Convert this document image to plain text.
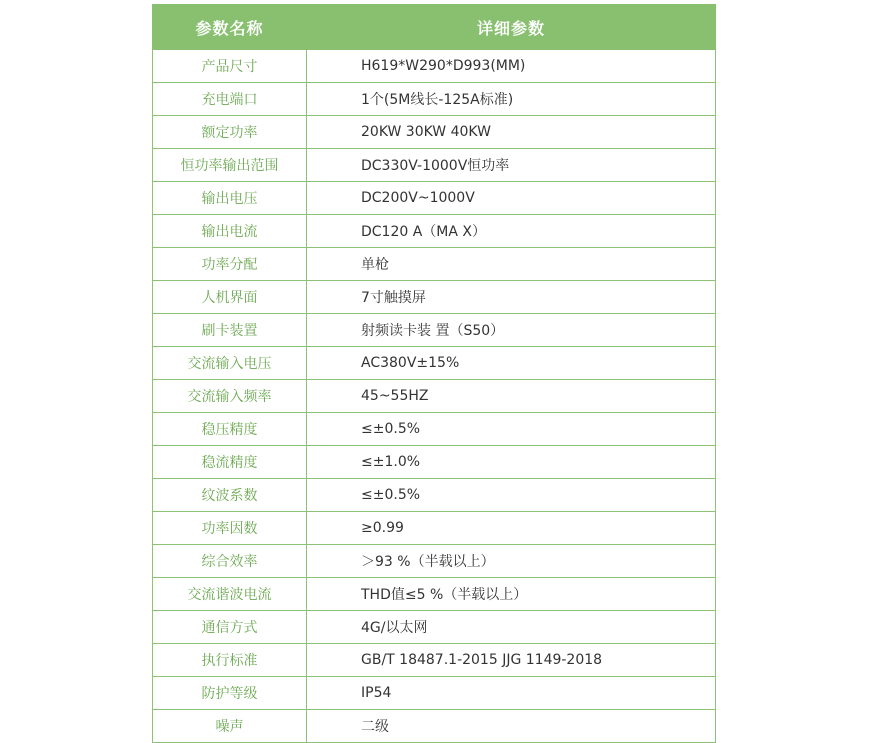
参数名称	详细参数
产品尺寸	H619*W290*D993(MM)
充电端口	1个(5M线长-125A标准)
额定功率	20KW 30KW 40KW
恒功率输出范围	DC330V-1000V恒功率
输出电压	DC200V~1000V
输出电流	DC120 A（MA X）
功率分配	单枪
人机界面	7寸触摸屏
刷卡装置	射频读卡装 置（S50）
交流输入电压	AC380V±15%
交流输入频率	45~55HZ
稳压精度	≤±0.5%
稳流精度	≤±1.0%
纹波系数	≤±0.5%
功率因数	≥0.99
综合效率	＞93 %（半载以上）
交流谐波电流	THD值≤5 %（半载以上）
通信方式	4G/以太网
执行标准	GB/T 18487.1-2015 JJG 1149-2018
防护等级	IP54
噪声	二级
